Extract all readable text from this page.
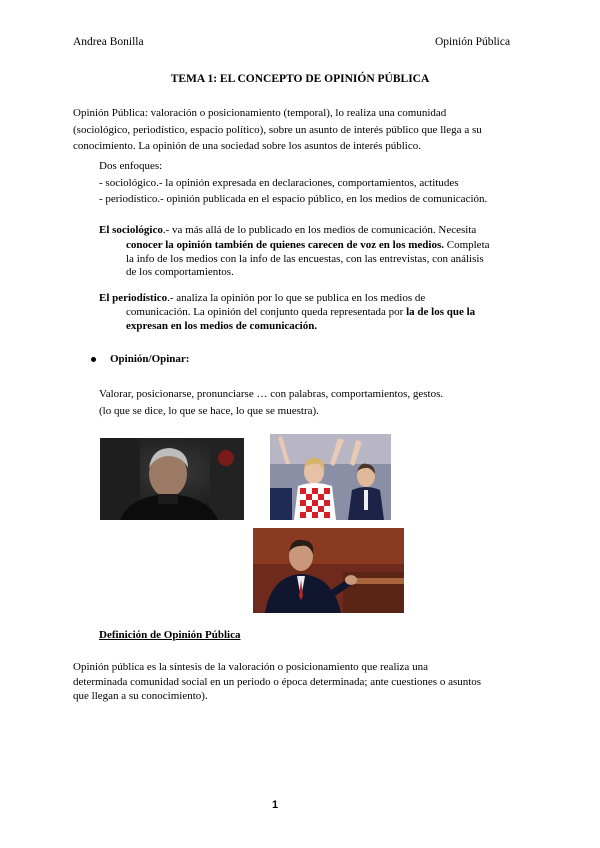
Andrea Bonilla	Opinión Pública
TEMA 1: EL CONCEPTO DE OPINIÓN PÚBLICA
Opinión Pública: valoración o posicionamiento (temporal), lo realiza una comunidad
(sociológico, periodístico, espacio político), sobre un asunto de interés público que llega a su
conocimiento. La opinión de una sociedad sobre los asuntos de interés público.
Dos enfoques:
- sociológico.- la opinión expresada en declaraciones, comportamientos, actitudes
- periodístico.- opinión publicada en el espacio público, en los medios de comunicación.
El sociológico.- va más allá de lo publicado en los medios de comunicación. Necesita
conocer la opinión también de quienes carecen de voz en los medios. Completa
la info de los medios con la info de las encuestas, con las entrevistas, con análisis
de los comportamientos.
El periodístico.- analiza la opinión por lo que se publica en los medios de
comunicación. La opinión del conjunto queda representada por la de los que la
expresan en los medios de comunicación.
Opinión/Opinar:
Valorar, posicionarse, pronunciarse … con palabras, comportamientos, gestos.
(lo que se dice, lo que se hace, lo que se muestra).
Definición de Opinión Pública
Opinión pública es la síntesis de la valoración o posicionamiento que realiza una
determinada comunidad social en un periodo o época determinada; ante cuestiones o asuntos
que llegan a su conocimiento).
1
